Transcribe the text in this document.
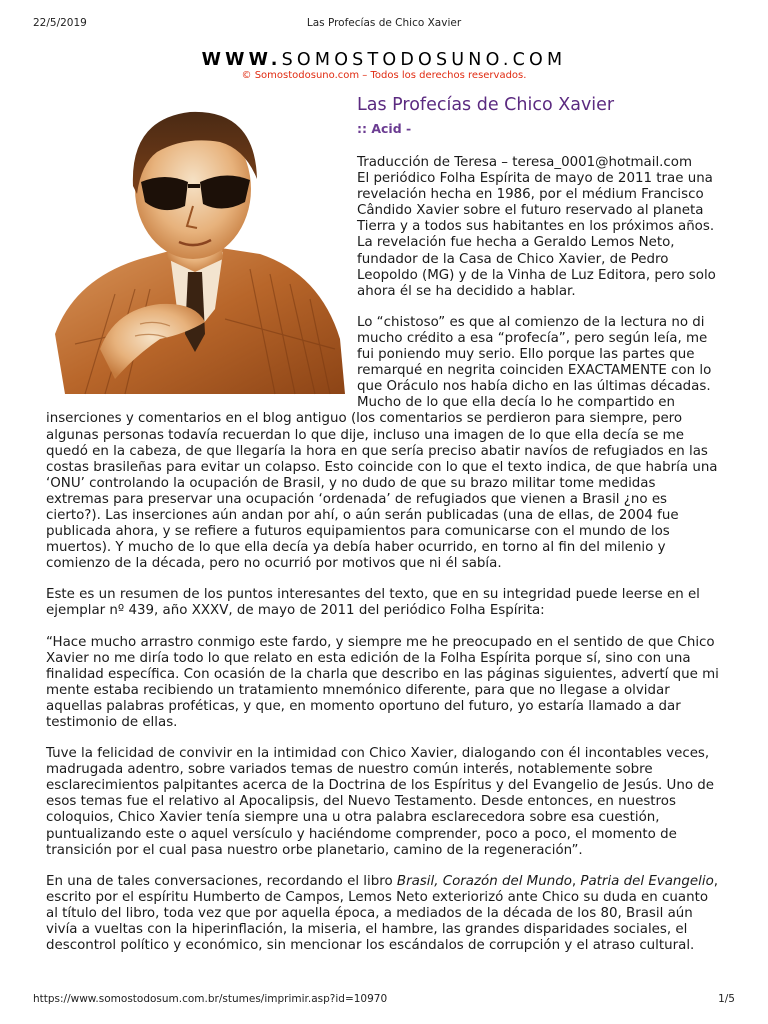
22/5/2019	Las Profecías de Chico Xavier
WWW.SOMOSTODOSUNO.COM
© Somostodosuno.com – Todos los derechos reservados.
Las Profecías de Chico Xavier
:: Acid -

Traducción de Teresa – teresa_0001@hotmail.com

El periódico Folha Espírita de mayo de 2011 trae una revelación hecha en 1986, por el médium Francisco Cândido Xavier sobre el futuro reservado al planeta Tierra y a todos sus habitantes en los próximos años. La revelación fue hecha a Geraldo Lemos Neto, fundador de la Casa de Chico Xavier, de Pedro Leopoldo (MG) y de la Vinha de Luz Editora, pero solo ahora él se ha decidido a hablar.

Lo “chistoso” es que al comienzo de la lectura no di mucho crédito a esa “profecía”, pero según leía, me fui poniendo muy serio. Ello porque las partes que remarqué en negrita coinciden EXACTAMENTE con lo que Oráculo nos había dicho en las últimas décadas. Mucho de lo que ella decía lo he compartido en inserciones y comentarios en el blog antiguo (los comentarios se perdieron para siempre, pero algunas personas todavía recuerdan lo que dije, incluso una imagen de lo que ella decía se me quedó en la cabeza, de que llegaría la hora en que sería preciso abatir navíos de refugiados en las costas brasileñas para evitar un colapso. Esto coincide con lo que el texto indica, de que habría una ‘ONU’ controlando la ocupación de Brasil, y no dudo de que su brazo militar tome medidas extremas para preservar una ocupación ‘ordenada’ de refugiados que vienen a Brasil ¿no es cierto?). Las inserciones aún andan por ahí, o aún serán publicadas (una de ellas, de 2004 fue publicada ahora, y se refiere a futuros equipamientos para comunicarse con el mundo de los muertos). Y mucho de lo que ella decía ya debía haber ocurrido, en torno al fin del milenio y comienzo de la década, pero no ocurrió por motivos que ni él sabía.

Este es un resumen de los puntos interesantes del texto, que en su integridad puede leerse en el ejemplar nº 439, año XXXV, de mayo de 2011 del periódico Folha Espírita:

“Hace mucho arrastro conmigo este fardo, y siempre me he preocupado en el sentido de que Chico Xavier no me diría todo lo que relato en esta edición de la Folha Espírita porque sí, sino con una finalidad específica. Con ocasión de la charla que describo en las páginas siguientes, advertí que mi mente estaba recibiendo un tratamiento mnemónico diferente, para que no llegase a olvidar aquellas palabras proféticas, y que, en momento oportuno del futuro, yo estaría llamado a dar testimonio de ellas.

Tuve la felicidad de convivir en la intimidad con Chico Xavier, dialogando con él incontables veces, madrugada adentro, sobre variados temas de nuestro común interés, notablemente sobre esclarecimientos palpitantes acerca de la Doctrina de los Espíritus y del Evangelio de Jesús. Uno de esos temas fue el relativo al Apocalipsis, del Nuevo Testamento. Desde entonces, en nuestros coloquios, Chico Xavier tenía siempre una u otra palabra esclarecedora sobre esa cuestión, puntualizando este o aquel versículo y haciéndome comprender, poco a poco, el momento de transición por el cual pasa nuestro orbe planetario, camino de la regeneración”.

En una de tales conversaciones, recordando el libro Brasil, Corazón del Mundo, Patria del Evangelio, escrito por el espíritu Humberto de Campos, Lemos Neto exteriorizó ante Chico su duda en cuanto al título del libro, toda vez que por aquella época, a mediados de la década de los 80, Brasil aún vivía a vueltas con la hiperinflación, la miseria, el hambre, las grandes disparidades sociales, el descontrol político y económico, sin mencionar los escándalos de corrupción y el atraso cultural.

https://www.somostodosum.com.br/stumes/imprimir.asp?id=10970	1/5
